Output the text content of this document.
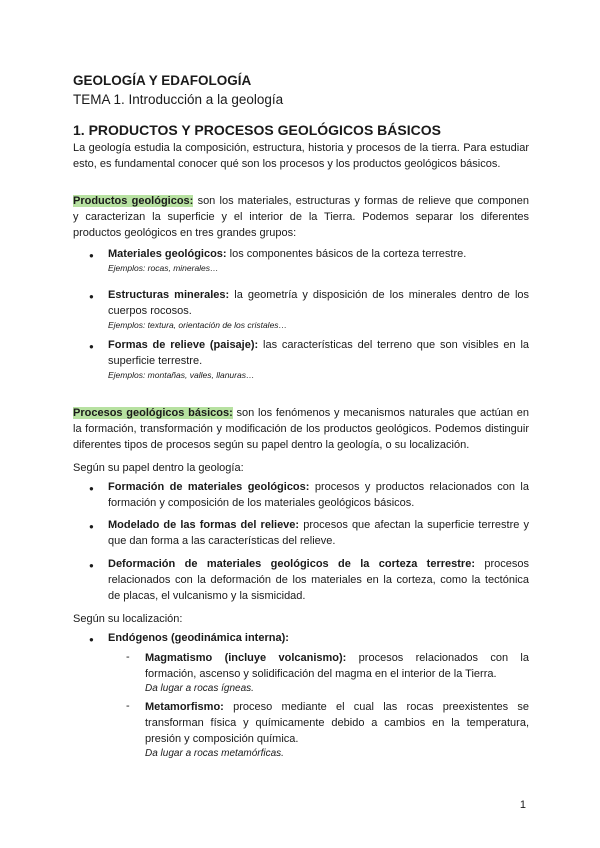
GEOLOGÍA Y EDAFOLOGÍA
TEMA 1. Introducción a la geología
1. PRODUCTOS Y PROCESOS GEOLÓGICOS BÁSICOS

La geología estudia la composición, estructura, historia y procesos de la tierra. Para estudiar

esto, es fundamental conocer qué son los procesos y los productos geológicos básicos.

Productos geológicos: son los materiales, estructuras y formas de relieve que componen

y caracterizan la superficie y el interior de la Tierra. Podemos separar los diferentes

productos geológicos en tres grandes grupos:

● Materiales geológicos: los componentes básicos de la corteza terrestre.

Ejemplos: rocas, minerales…
● Estructuras minerales: la geometría y disposición de los minerales dentro de los

cuerpos rocosos.

Ejemplos: textura, orientación de los cristales…
● Formas de relieve (paisaje): las características del terreno que son visibles en la

superficie terrestre.

Ejemplos: montañas, valles, llanuras…

Procesos geológicos básicos: son los fenómenos y mecanismos naturales que actúan en

la formación, transformación y modificación de los productos geológicos. Podemos distinguir

diferentes tipos de procesos según su papel dentro la geología, o su localización.

Según su papel dentro la geología:
● Formación de materiales geológicos: procesos y productos relacionados con la

formación y composición de los materiales geológicos básicos.

● Modelado de las formas del relieve: procesos que afectan la superficie terrestre y

que dan forma a las características del relieve.

● Deformación de materiales geológicos de la corteza terrestre: procesos

relacionados con la deformación de los materiales en la corteza, como la tectónica

de placas, el vulcanismo y la sismicidad.

Según su localización:
● Endógenos (geodinámica interna):
- Magmatismo (incluye volcanismo): procesos relacionados con la

formación, ascenso y solidificación del magma en el interior de la Tierra.

Da lugar a rocas ígneas.

- Metamorfismo: proceso mediante el cual las rocas preexistentes se

transforman física y químicamente debido a cambios en la temperatura,

presión y composición química.

Da lugar a rocas metamórficas.

1
